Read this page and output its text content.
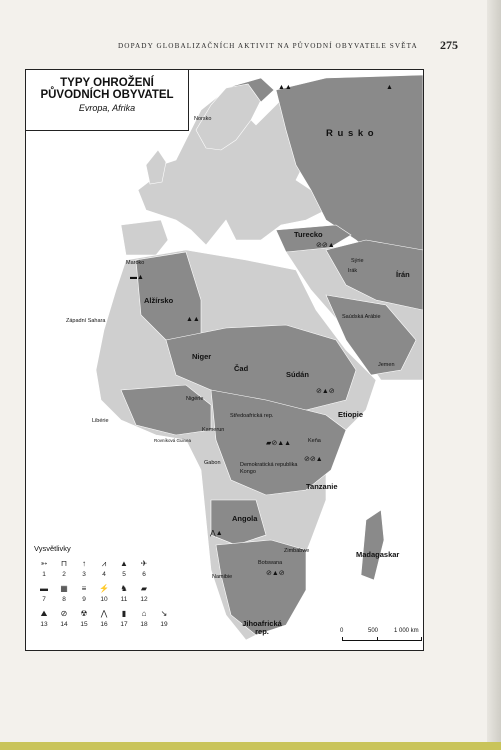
DOPADY GLOBALIZAČNÍCH AKTIVIT NA PŮVODNÍ OBYVATELE SVĚTA 275
TYPY OHROŽENÍ
PŮVODNÍCH OBYVATEL
Evropa, Afrika
Norsko
R u s k o
Turecko
Sýrie
Irák	Írán
Saúdská Arábie
Jemen
Maroko
Alžírsko
Západní Sahara
Niger
Čad
Súdán
Etiopie
Nigérie
Středoafrická rep.
Kamerun
Libérie
Rovníková Guinea
Gabon
Keňa
Demokratická republika Kongo
Tanzanie
Angola
Zimbabwe
Botswana
Namibie
Madagaskar
Jihoafrická rep.
▲▲	▲
⊘⊘▲
▬▲
▲▲
⊘▲⊘
▰⊘▲▲
⊘⊘▲
⊘▲⊘
⋀▲
Vysvětlivky
➳
1
⊓
2
↑
3
⩘
4
▲
5
✈
6
▬
7
▦
8
≡
9
⚡
10
♞
11
▰
12
⛰
13
⊘
14
☢
15
⋀
16
▮
17
⌂
18
↘
19
0	500	1 000 km
